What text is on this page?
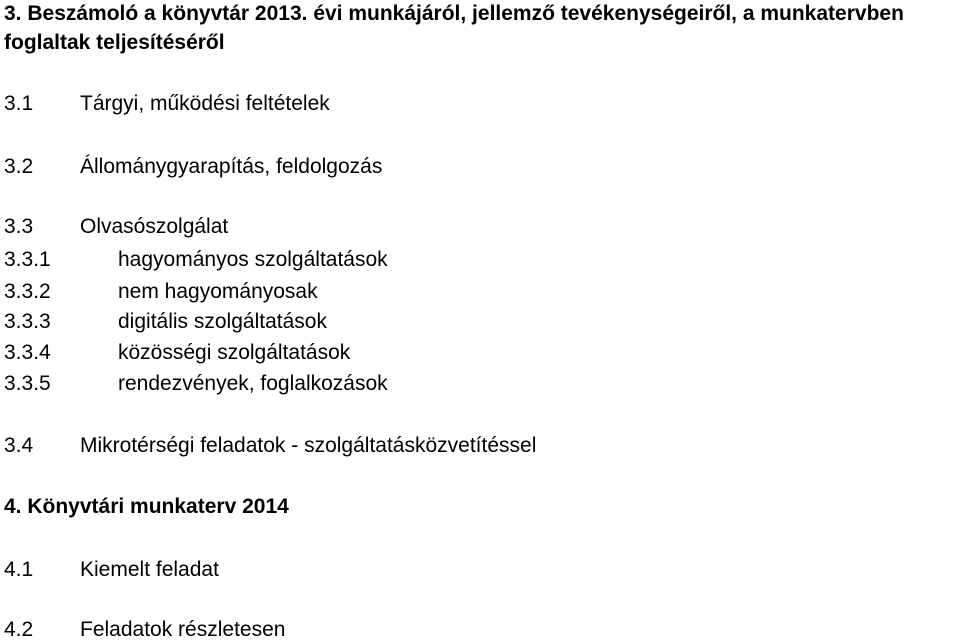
3. Beszámoló a könyvtár 2013. évi munkájáról, jellemző tevékenységeiről, a munkatervben
foglaltak teljesítéséről
3.1 Tárgyi, működési feltételek
3.2 Állománygyarapítás, feldolgozás
3.3 Olvasószolgálat
3.3.1	hagyományos szolgáltatások
3.3.2	nem hagyományosak
3.3.3	digitális szolgáltatások
3.3.4	közösségi szolgáltatások
3.3.5	rendezvények, foglalkozások
3.4 Mikrotérségi feladatok - szolgáltatásközvetítéssel
4. Könyvtári munkaterv 2014
4.1 Kiemelt feladat
4.2 Feladatok részletesen
